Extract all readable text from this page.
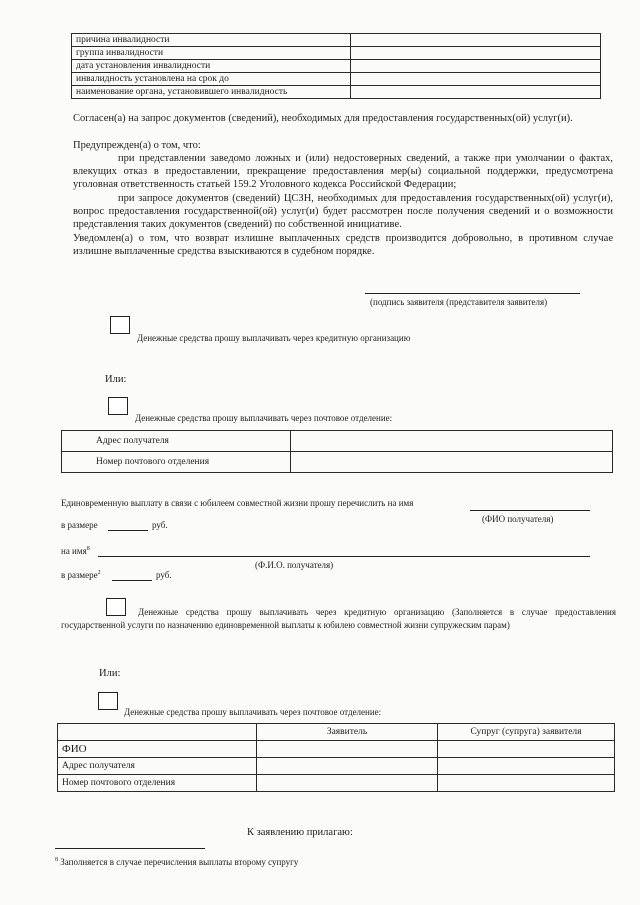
причина инвалидности	
группа инвалидности	
дата установления инвалидности	
инвалидность установлена на срок до	
наименование органа, установившего инвалидность	
Согласен(а) на запрос документов (сведений), необходимых для предоставления государственных(ой) услуг(и).
Предупрежден(а) о том, что:
при представлении заведомо ложных и (или) недостоверных сведений, а также при умолчании о фактах, влекущих отказ в предоставлении, прекращение предоставления мер(ы) социальной поддержки, предусмотрена уголовная ответственность статьей 159.2 Уголовного кодекса Российской Федерации;
при запросе документов (сведений) ЦСЗН, необходимых для предоставления государственных(ой) услуг(и), вопрос предоставления государственной(ой) услуг(и) будет рассмотрен после получения сведений и о возможности представления таких документов (сведений) по собственной инициативе.
Уведомлен(а) о том, что возврат излишне выплаченных средств производится добровольно, в противном случае излишне выплаченные средства взыскиваются в судебном порядке.
(подпись заявителя (представителя заявителя)
Денежные средства прошу выплачивать через кредитную организацию
Или:
Денежные средства прошу выплачивать через почтовое отделение:
Адрес получателя	
Номер почтового отделения	
Единовременную выплату в связи с юбилеем совместной жизни прошу перечислить на имя
(ФИО получателя)
в размере	руб.
на имя$^8$
(Ф.И.О. получателя)
в размере$^2$	руб.
Денежные средства прошу выплачивать через кредитную организацию (Заполняется в случае предоставления государственной услуги по назначению единовременной выплаты к юбилею совместной жизни супружеским парам)
Или:
Денежные средства прошу выплачивать через почтовое отделение:
	Заявитель	Супруг (супруга) заявителя
ФИО		
Адрес получателя		
Номер почтового отделения		
К заявлению прилагаю:
$^8$ Заполняется в случае перечисления выплаты второму супругу
